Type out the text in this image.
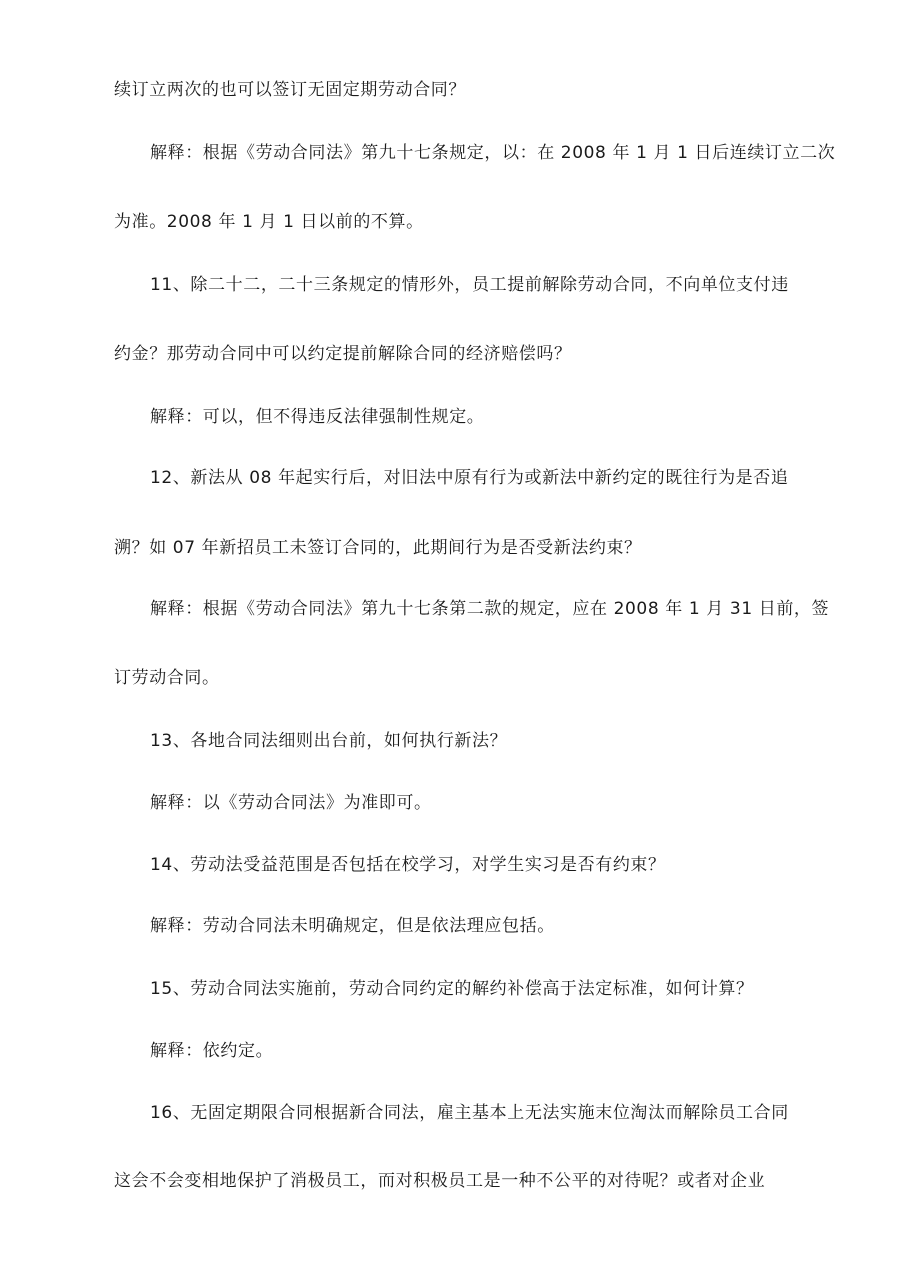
续订立两次的也可以签订无固定期劳动合同？
解释：根据《劳动合同法》第九十七条规定，以：在 2008 年 1 月 1 日后连续订立二次
为准。2008 年 1 月 1 日以前的不算。
11、除二十二，二十三条规定的情形外，员工提前解除劳动合同，不向单位支付违
约金？那劳动合同中可以约定提前解除合同的经济赔偿吗？
解释：可以，但不得违反法律强制性规定。
12、新法从 08 年起实行后，对旧法中原有行为或新法中新约定的既往行为是否追
溯？如 07 年新招员工未签订合同的，此期间行为是否受新法约束？
解释：根据《劳动合同法》第九十七条第二款的规定，应在 2008 年 1 月 31 日前，签
订劳动合同。
13、各地合同法细则出台前，如何执行新法？
解释：以《劳动合同法》为准即可。
14、劳动法受益范围是否包括在校学习，对学生实习是否有约束？
解释：劳动合同法未明确规定，但是依法理应包括。
15、劳动合同法实施前，劳动合同约定的解约补偿高于法定标准，如何计算？
解释：依约定。
16、无固定期限合同根据新合同法，雇主基本上无法实施末位淘汰而解除员工合同
这会不会变相地保护了消极员工，而对积极员工是一种不公平的对待呢？或者对企业
